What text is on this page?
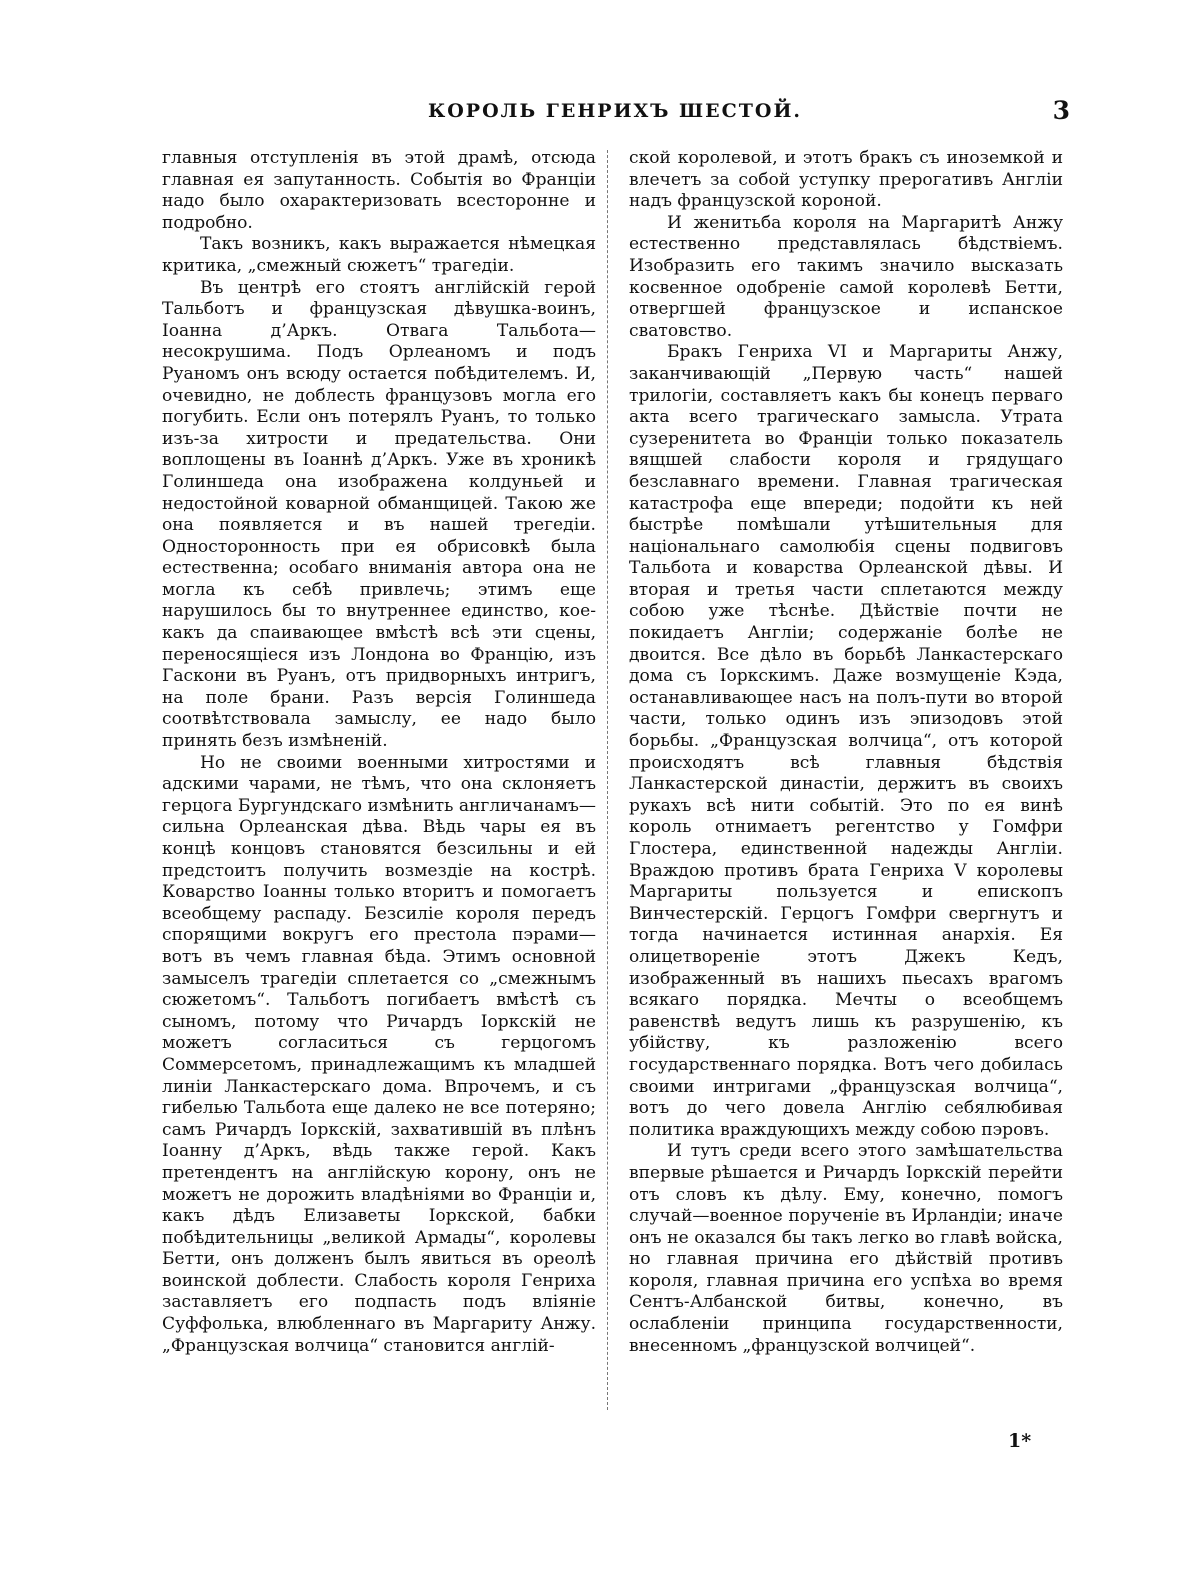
КОРОЛЬ ГЕНРИХЪ ШЕСТОЙ.	3

главныя отступленія въ этой драмѣ, отсюда главная ея запутанность. Событія во Франціи надо было охарактеризовать всесторонне и подробно.

Такъ возникъ, какъ выражается нѣмецкая критика, „смежный сюжетъ“ трагедіи.

Въ центрѣ его стоятъ англійскій герой Тальботъ и французская дѣвушка-воинъ, Іоанна д’Аркъ. Отвага Тальбота—несокрушима. Подъ Орлеаномъ и подъ Руаномъ онъ всюду остается побѣдителемъ. И, очевидно, не доблесть французовъ могла его погубить. Если онъ потерялъ Руанъ, то только изъ-за хитрости и предательства. Они воплощены въ Іоаннѣ д’Аркъ. Уже въ хроникѣ Голиншеда она изображена колдуньей и недостойной коварной обманщицей. Такою же она появляется и въ нашей трегедіи. Односторонность при ея обрисовкѣ была естественна; особаго вниманія автора она не могла къ себѣ привлечь; этимъ еще нарушилось бы то внутреннее единство, кое-какъ да спаивающее вмѣстѣ всѣ эти сцены, переносящіеся изъ Лондона во Францію, изъ Гаскони въ Руанъ, отъ придворныхъ интригъ, на поле брани. Разъ версія Голиншеда соотвѣтствовала замыслу, ее надо было принять безъ измѣненій.

Но не своими военными хитростями и адскими чарами, не тѣмъ, что она склоняетъ герцога Бургундскаго измѣнить англичанамъ—сильна Орлеанская дѣва. Вѣдь чары ея въ концѣ концовъ становятся безсильны и ей предстоитъ получить возмездіе на кострѣ. Коварство Іоанны только вторитъ и помогаетъ всеобщему распаду. Безсиліе короля передъ спорящими вокругъ его престола пэрами—вотъ въ чемъ главная бѣда. Этимъ основной замыселъ трагедіи сплетается со „смежнымъ сюжетомъ“. Тальботъ погибаетъ вмѣстѣ съ сыномъ, потому что Ричардъ Іоркскій не можетъ согласиться съ герцогомъ Соммерсетомъ, принадлежащимъ къ младшей линіи Ланкастерскаго дома. Впрочемъ, и съ гибелью Тальбота еще далеко не все потеряно; самъ Ричардъ Іоркскій, захватившій въ плѣнъ Іоанну д’Аркъ, вѣдь также герой. Какъ претендентъ на англійскую корону, онъ не можетъ не дорожить владѣніями во Франціи и, какъ дѣдъ Елизаветы Іоркской, бабки побѣдительницы „великой Армады“, королевы Бетти, онъ долженъ былъ явиться въ ореолѣ воинской доблести. Слабость короля Генриха заставляетъ его подпасть подъ вліяніе Суффолька, влюбленнаго въ Маргариту Анжу. „Французская волчица“ становится англій-

ской королевой, и этотъ бракъ съ иноземкой и влечетъ за собой уступку прерогативъ Англіи надъ французской короной.

И женитьба короля на Маргаритѣ Анжу естественно представлялась бѣдствіемъ. Изобразить его такимъ значило высказать косвенное одобреніе самой королевѣ Бетти, отвергшей французское и испанское сватовство.

Бракъ Генриха VI и Маргариты Анжу, заканчивающій „Первую часть“ нашей трилогіи, составляетъ какъ бы конецъ перваго акта всего трагическаго замысла. Утрата сузеренитета во Франціи только показатель вящшей слабости короля и грядущаго безславнаго времени. Главная трагическая катастрофа еще впереди; подойти къ ней быстрѣе помѣшали утѣшительныя для національнаго самолюбія сцены подвиговъ Тальбота и коварства Орлеанской дѣвы. И вторая и третья части сплетаются между собою уже тѣснѣе. Дѣйствіе почти не покидаетъ Англіи; содержаніе болѣе не двоится. Все дѣло въ борьбѣ Ланкастерскаго дома съ Іоркскимъ. Даже возмущеніе Кэда, останавливающее насъ на полъ-пути во второй части, только одинъ изъ эпизодовъ этой борьбы. „Французская волчица“, отъ которой происходятъ всѣ главныя бѣдствія Ланкастерской династіи, держитъ въ своихъ рукахъ всѣ нити событій. Это по ея винѣ король отнимаетъ регентство у Гомфри Глостера, единственной надежды Англіи. Враждою противъ брата Генриха V королевы Маргариты пользуется и епископъ Винчестерскій. Герцогъ Гомфри свергнутъ и тогда начинается истинная анархія. Ея олицетвореніе этотъ Джекъ Кедъ, изображенный въ нашихъ пьесахъ врагомъ всякаго порядка. Мечты о всеобщемъ равенствѣ ведутъ лишь къ разрушенію, къ убійству, къ разложенію всего государственнаго порядка. Вотъ чего добилась своими интригами „французская волчица“, вотъ до чего довела Англію себялюбивая политика враждующихъ между собою пэровъ.

И тутъ среди всего этого замѣшательства впервые рѣшается и Ричардъ Іоркскій перейти отъ словъ къ дѣлу. Ему, конечно, помогъ случай—военное порученіе въ Ирландіи; иначе онъ не оказался бы такъ легко во главѣ войска, но главная причина его дѣйствій противъ короля, главная причина его успѣха во время Сентъ-Албанской битвы, конечно, въ ослабленіи принципа государственности, внесенномъ „французской волчицей“.

1*
